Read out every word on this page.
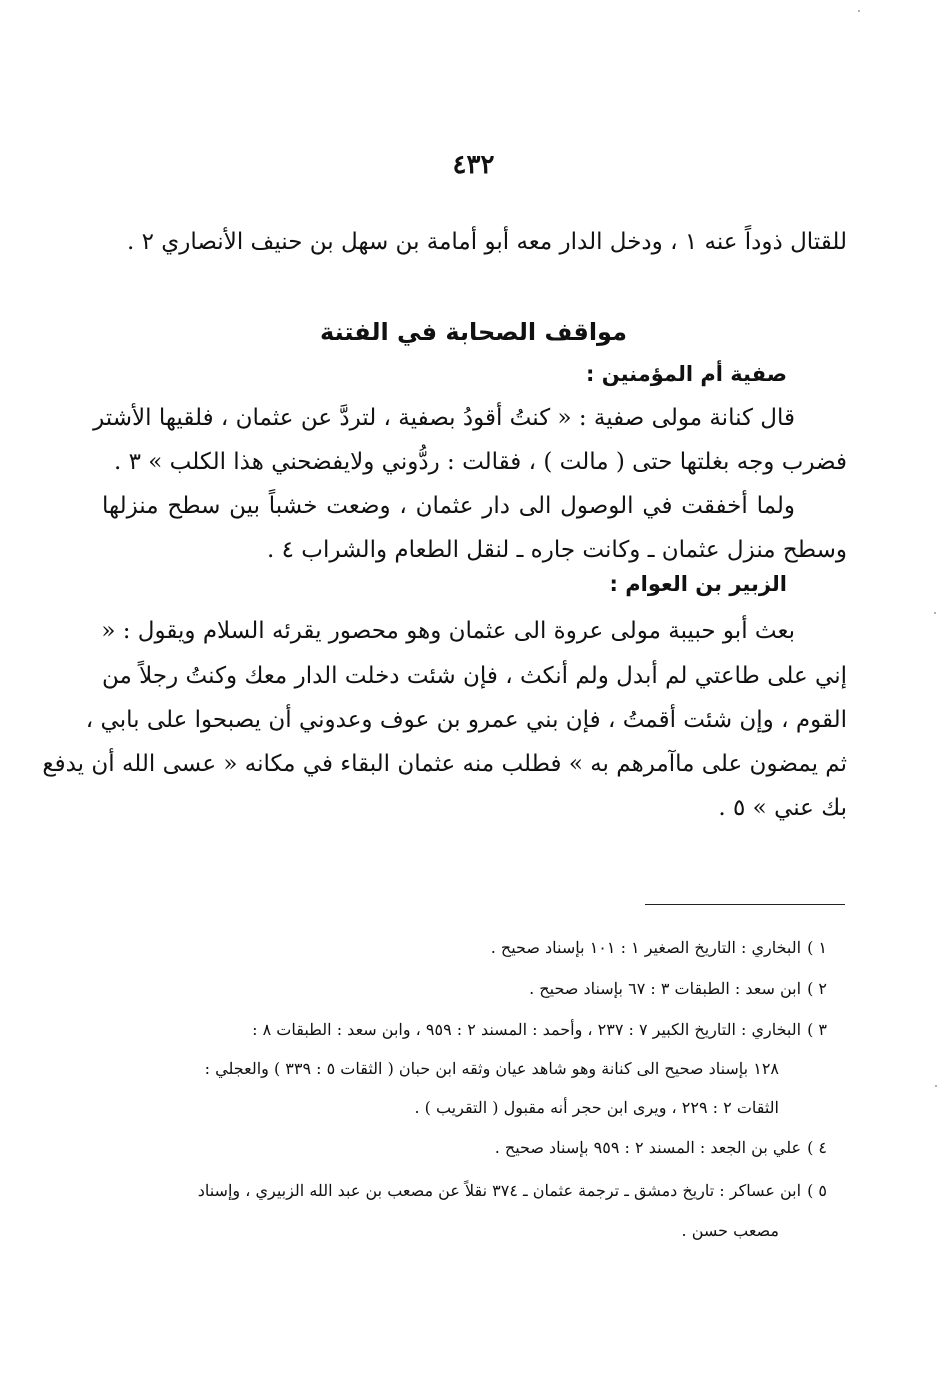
٤٣٢
للقتال ذوداً عنه ١ ، ودخل الدار معه أبو أمامة بن سهل بن حنيف الأنصاري ٢ .
مواقف الصحابة في الفتنة
صفية أم المؤمنين :
قال كنانة مولى صفية : « كنتُ أقودُ بصفية ، لتردَّ عن عثمان ، فلقيها الأشتر
فضرب وجه بغلتها حتى ( مالت ) ، فقالت : ردُّوني ولايفضحني هذا الكلب » ٣ .
ولما أخفقت في الوصول الى دار عثمان ، وضعت خشباً بين سطح منزلها
وسطح منزل عثمان ـ وكانت جاره ـ لنقل الطعام والشراب ٤ .
الزبير بن العوام :
بعث أبو حبيبة مولى عروة الى عثمان وهو محصور يقرئه السلام ويقول : «
إني على طاعتي لم أبدل ولم أنكث ، فإن شئت دخلت الدار معك وكنتُ رجلاً من
القوم ، وإن شئت أقمتُ ، فإن بني عمرو بن عوف وعدوني أن يصبحوا على بابي ،
ثم يمضون على ماآمرهم به » فطلب منه عثمان البقاء في مكانه « عسى الله أن يدفع
بك عني » ٥ .
١ )البخاري : التاريخ الصغير ١ : ١٠١ بإسناد صحيح .
٢ )ابن سعد : الطبقات ٣ : ٦٧ بإسناد صحيح .
٣ )البخاري : التاريخ الكبير ٧ : ٢٣٧ ، وأحمد : المسند ٢ : ٩٥٩ ، وابن سعد : الطبقات ٨ :
١٢٨ بإسناد صحيح الى كنانة وهو شاهد عيان وثقه ابن حبان ( الثقات ٥ : ٣٣٩ ) والعجلي :
الثقات ٢ : ٢٢٩ ، ويرى ابن حجر أنه مقبول ( التقريب ) .
٤ )علي بن الجعد : المسند ٢ : ٩٥٩ بإسناد صحيح .
٥ )ابن عساكر : تاريخ دمشق ـ ترجمة عثمان ـ ٣٧٤ نقلاً عن مصعب بن عبد الله الزبيري ، وإسناد
مصعب حسن .
